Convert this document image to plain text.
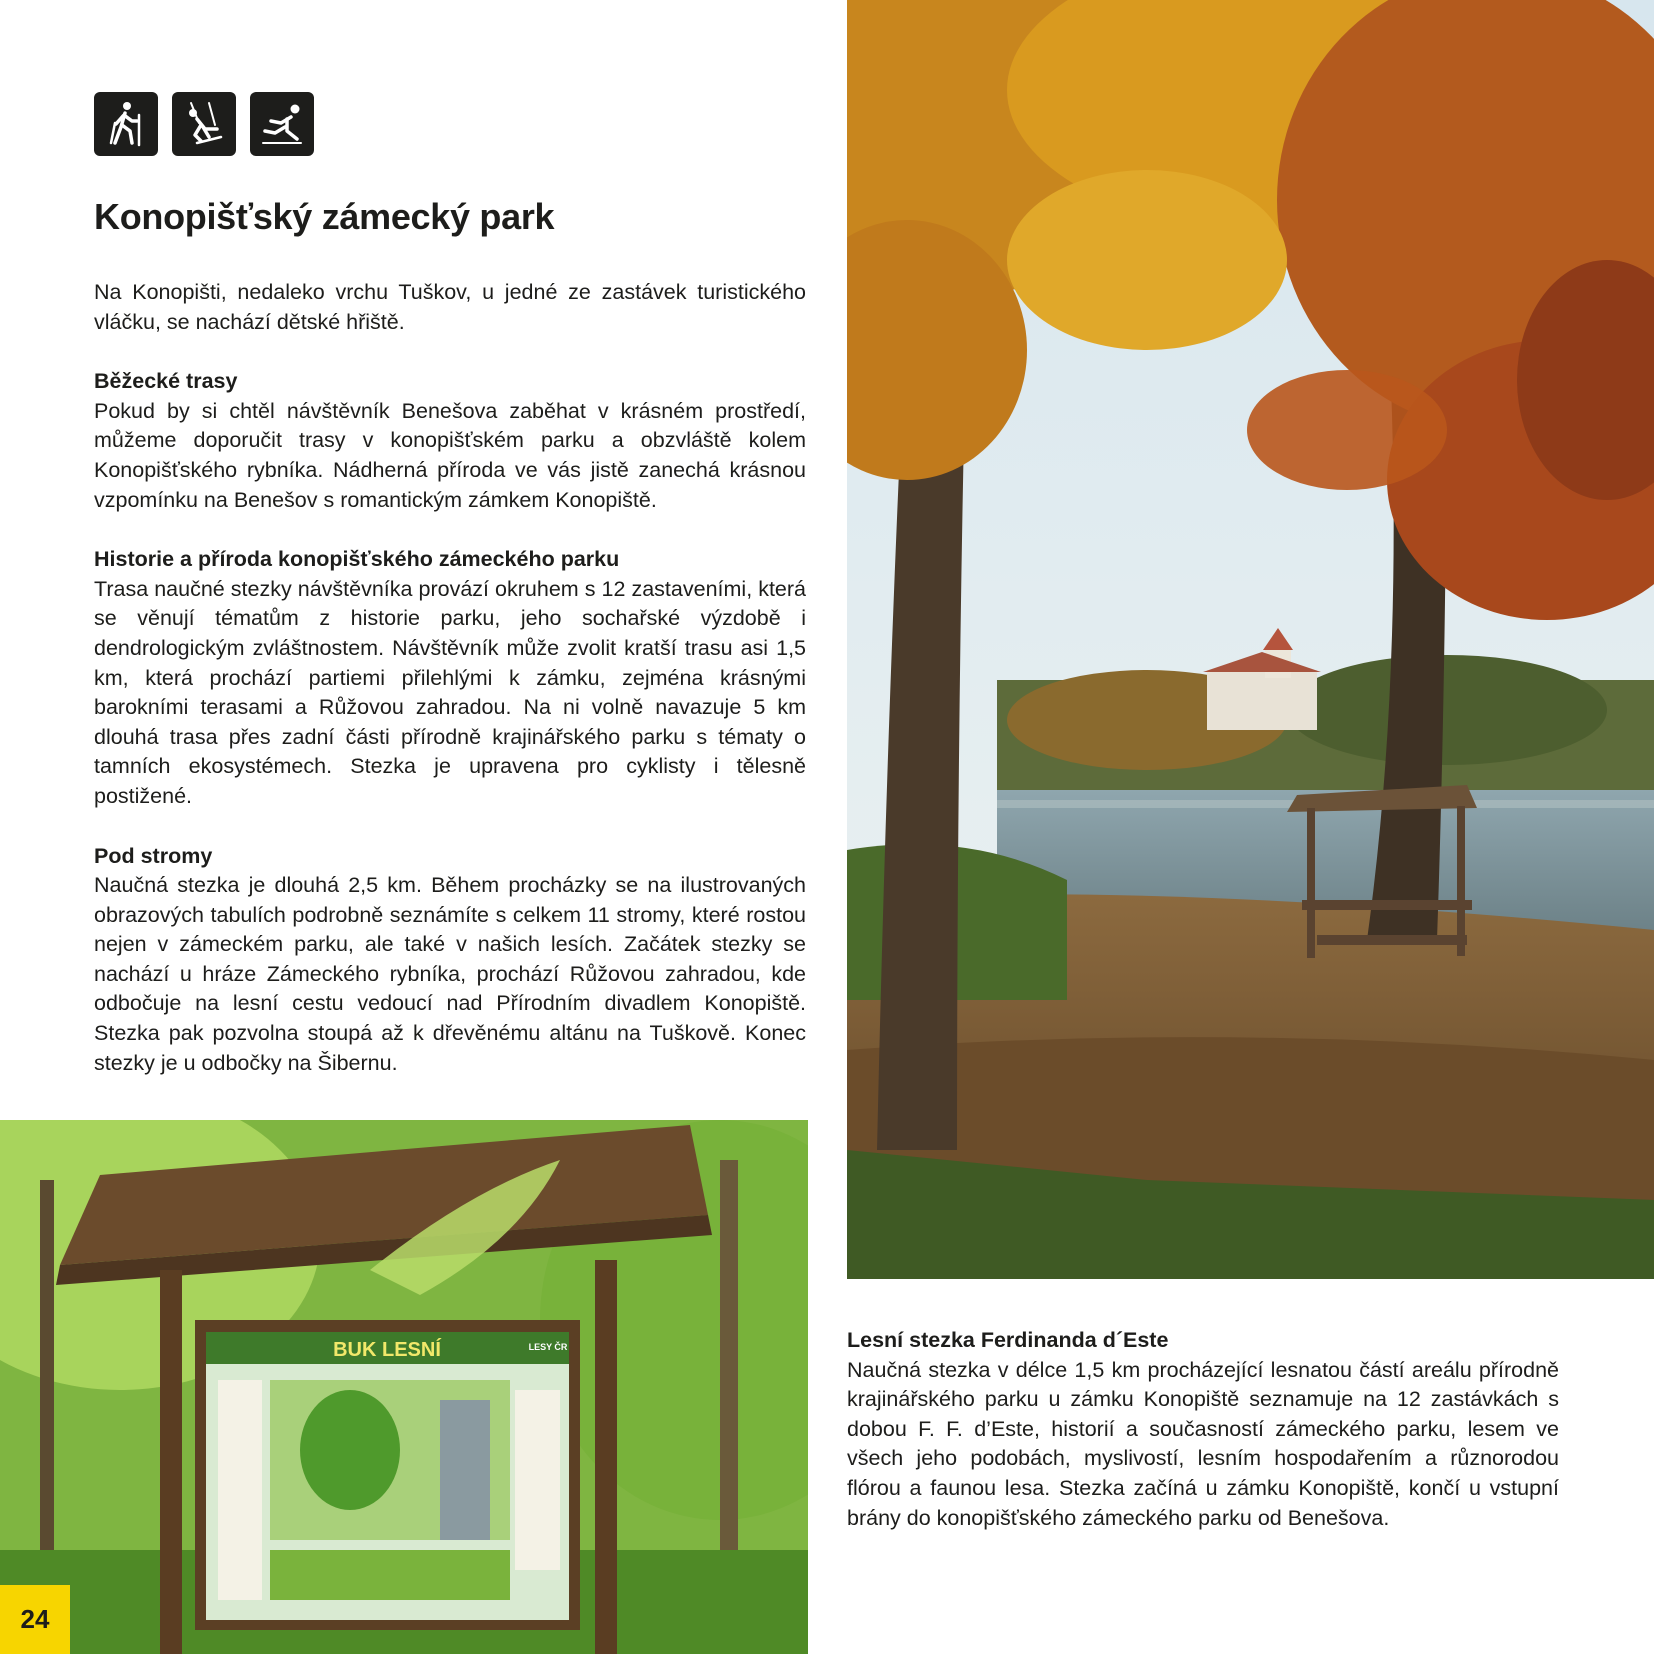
Konopišťský zámecký park

Na Konopišti, nedaleko vrchu Tuškov, u jedné ze zastávek turistického vláčku, se nachází dětské hřiště.

Běžecké trasy

Pokud by si chtěl návštěvník Benešova zaběhat v krásném prostředí, můžeme doporučit trasy v konopišťském parku a obzvláště kolem Konopišťského rybníka. Nádherná příroda ve vás jistě zanechá krásnou vzpomínku na Benešov s romantickým zámkem Konopiště.

Historie a příroda konopišťského zámeckého parku

Trasa naučné stezky návštěvníka provází okruhem s 12 zastaveními, která se věnují tématům z historie parku, jeho sochařské výzdobě i dendrologickým zvláštnostem. Návštěvník může zvolit kratší trasu asi 1,5 km, která prochází partiemi přilehlými k zámku, zejména krásnými barokními terasami a Růžovou zahradou. Na ni volně navazuje 5 km dlouhá trasa přes zadní části přírodně krajinářského parku s tématy o tamních ekosystémech. Stezka je upravena pro cyklisty i tělesně postižené.

Pod stromy

Naučná stezka je dlouhá 2,5 km. Během procházky se na ilustrovaných obrazových tabulích podrobně seznámíte s celkem 11 stromy, které rostou nejen v zámeckém parku, ale také v našich lesích. Začátek stezky se nachází u hráze Zámeckého rybníka, prochází Růžovou zahradou, kde odbočuje na lesní cestu vedoucí nad Přírodním divadlem Konopiště. Stezka pak pozvolna stoupá až k dřevěnému altánu na Tuškově. Konec stezky je u odbočky na Šibernu.

BUK LESNÍ	LESY ČR	Lesní stezka Ferdinanda d´Este

Naučná stezka v délce 1,5 km procházející lesnatou částí areálu přírodně krajinářského parku u zámku Konopiště seznamuje na 12 zastávkách s dobou F. F. d’Este, historií a současností zámeckého parku, lesem ve všech jeho podobách, myslivostí, lesním hospodařením a různorodou flórou a faunou lesa. Stezka začíná u zámku Konopiště, končí u vstupní brány do konopišťského zámeckého parku od Benešova.

24
